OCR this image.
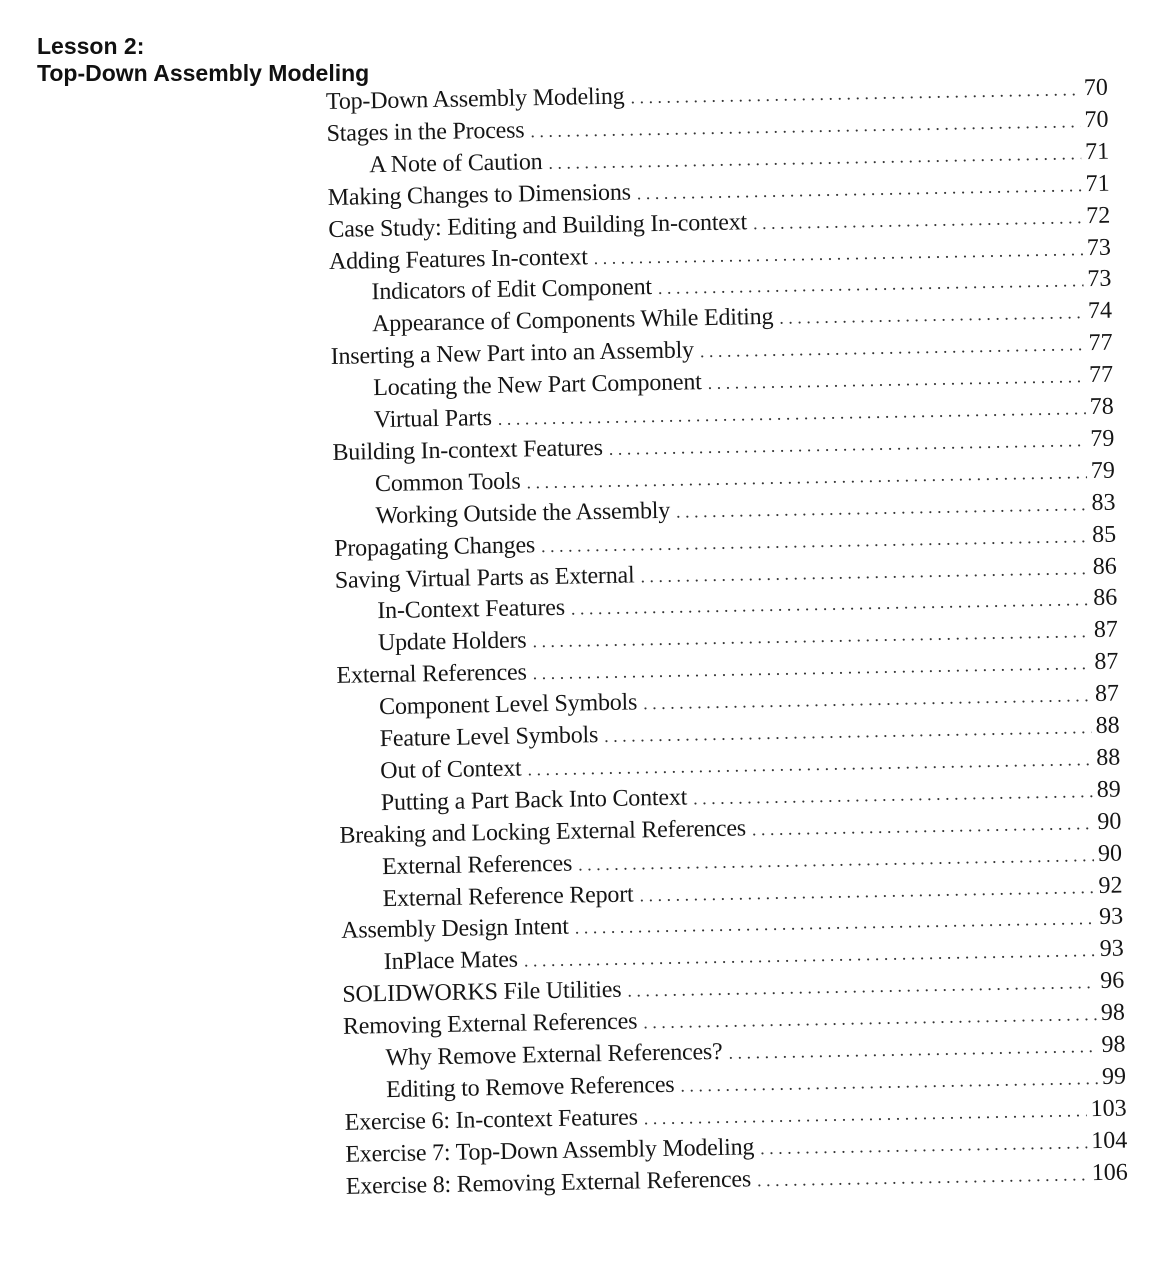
Lesson 2:
Top-Down Assembly Modeling
Top-Down Assembly Modeling . . .	70
Stages in the Process . . .	70
A Note of Caution . . .	71
Making Changes to Dimensions . . .	71
Case Study: Editing and Building In-context . . .	72
Adding Features In-context . . .	73
Indicators of Edit Component . . .	73
Appearance of Components While Editing . . .	74
Inserting a New Part into an Assembly . . .	77
Locating the New Part Component . . .	77
Virtual Parts . . .	78
Building In-context Features . . .	79
Common Tools . . .	79
Working Outside the Assembly . . .	83
Propagating Changes . . .	85
Saving Virtual Parts as External . . .	86
In-Context Features . . .	86
Update Holders . . .	87
External References . . .	87
Component Level Symbols . . .	87
Feature Level Symbols . . .	88
Out of Context . . .	88
Putting a Part Back Into Context . . .	89
Breaking and Locking External References . . .	90
External References . . .	90
External Reference Report . . .	92
Assembly Design Intent . . .	93
InPlace Mates . . .	93
SOLIDWORKS File Utilities . . .	96
Removing External References . . .	98
Why Remove External References? . . .	98
Editing to Remove References . . .	99
Exercise 6: In-context Features . . .	103
Exercise 7: Top-Down Assembly Modeling . . .	104
Exercise 8: Removing External References . . .	106
